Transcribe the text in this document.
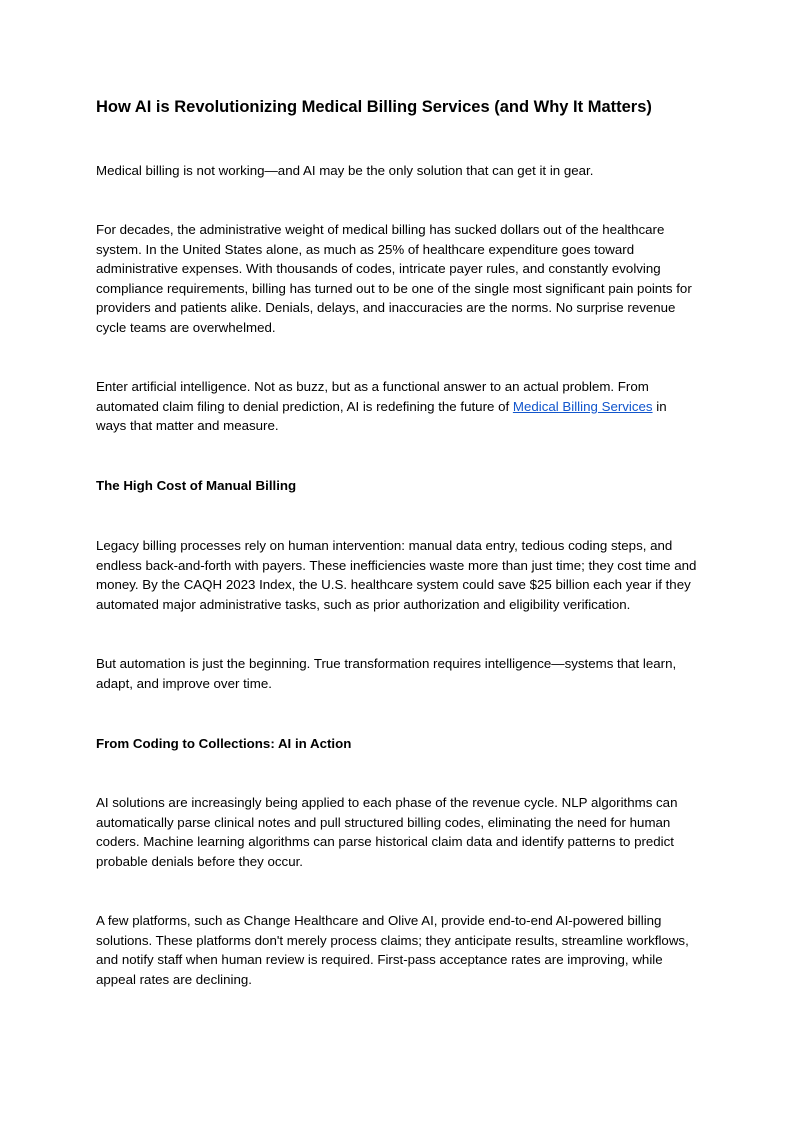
How AI is Revolutionizing Medical Billing Services (and Why It Matters)

Medical billing is not working—and AI may be the only solution that can get it in gear.

For decades, the administrative weight of medical billing has sucked dollars out of the healthcare system. In the United States alone, as much as 25% of healthcare expenditure goes toward administrative expenses. With thousands of codes, intricate payer rules, and constantly evolving compliance requirements, billing has turned out to be one of the single most significant pain points for providers and patients alike. Denials, delays, and inaccuracies are the norms. No surprise revenue cycle teams are overwhelmed.

Enter artificial intelligence. Not as buzz, but as a functional answer to an actual problem. From automated claim filing to denial prediction, AI is redefining the future of Medical Billing Services in ways that matter and measure.

The High Cost of Manual Billing

Legacy billing processes rely on human intervention: manual data entry, tedious coding steps, and endless back-and-forth with payers. These inefficiencies waste more than just time; they cost time and money. By the CAQH 2023 Index, the U.S. healthcare system could save $25 billion each year if they automated major administrative tasks, such as prior authorization and eligibility verification.

But automation is just the beginning. True transformation requires intelligence—systems that learn, adapt, and improve over time.

From Coding to Collections: AI in Action

AI solutions are increasingly being applied to each phase of the revenue cycle. NLP algorithms can automatically parse clinical notes and pull structured billing codes, eliminating the need for human coders. Machine learning algorithms can parse historical claim data and identify patterns to predict probable denials before they occur.

A few platforms, such as Change Healthcare and Olive AI, provide end-to-end AI-powered billing solutions. These platforms don't merely process claims; they anticipate results, streamline workflows, and notify staff when human review is required. First-pass acceptance rates are improving, while appeal rates are declining.
